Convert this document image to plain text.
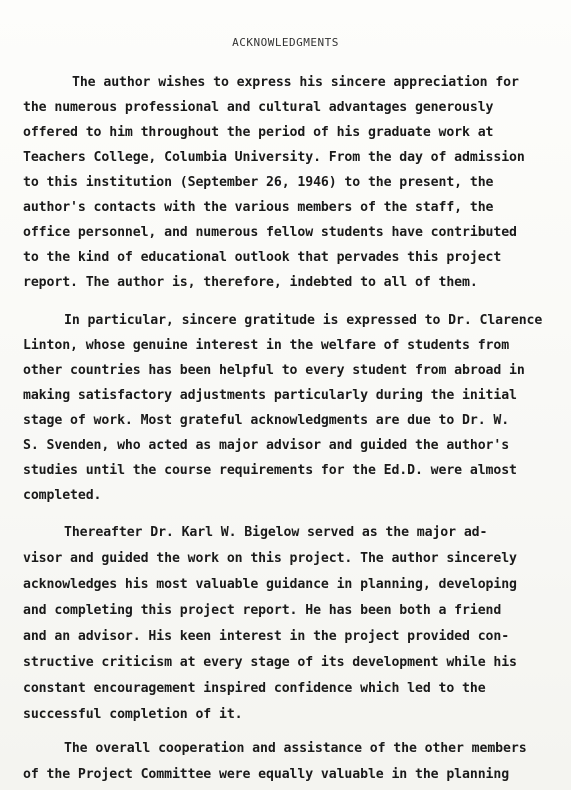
ACKNOWLEDGMENTS
The author wishes to express his sincere appreciation for
the numerous professional and cultural advantages generously
offered to him throughout the period of his graduate work at
Teachers College, Columbia University. From the day of admission
to this institution (September 26, 1946) to the present, the
author's contacts with the various members of the staff, the
office personnel, and numerous fellow students have contributed
to the kind of educational outlook that pervades this project
report. The author is, therefore, indebted to all of them.
In particular, sincere gratitude is expressed to Dr. Clarence
Linton, whose genuine interest in the welfare of students from
other countries has been helpful to every student from abroad in
making satisfactory adjustments particularly during the initial
stage of work. Most grateful acknowledgments are due to Dr. W.
S. Svenden, who acted as major advisor and guided the author's
studies until the course requirements for the Ed.D. were almost
completed.
Thereafter Dr. Karl W. Bigelow served as the major ad-
visor and guided the work on this project. The author sincerely
acknowledges his most valuable guidance in planning, developing
and completing this project report. He has been both a friend
and an advisor. His keen interest in the project provided con-
structive criticism at every stage of its development while his
constant encouragement inspired confidence which led to the
successful completion of it.
The overall cooperation and assistance of the other members
of the Project Committee were equally valuable in the planning
